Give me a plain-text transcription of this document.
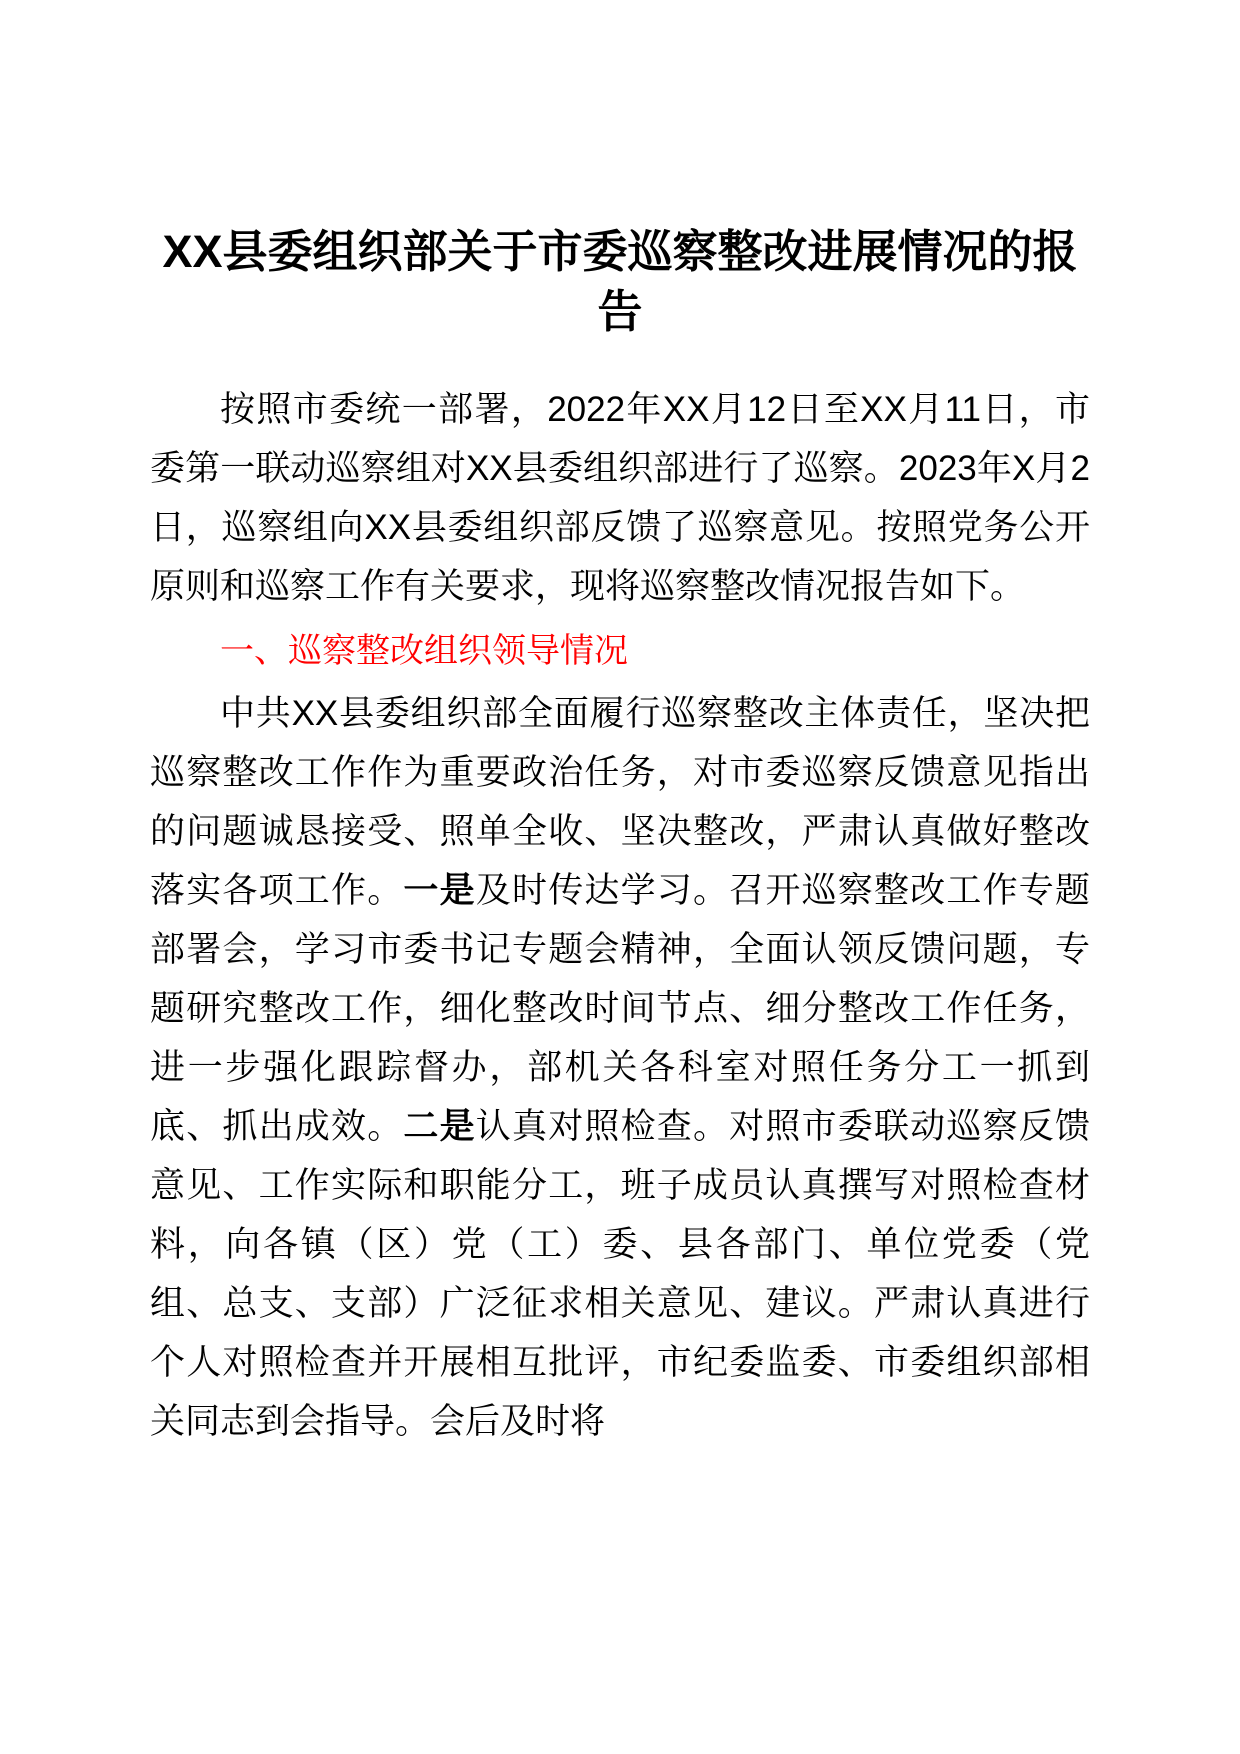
XX县委组织部关于市委巡察整改进展情况的报告

按照市委统一部署，2022年XX月12日至XX月11日，市委第一联动巡察组对XX县委组织部进行了巡察。2023年X月2日，巡察组向XX县委组织部反馈了巡察意见。按照党务公开原则和巡察工作有关要求，现将巡察整改情况报告如下。

一、巡察整改组织领导情况

中共XX县委组织部全面履行巡察整改主体责任，坚决把巡察整改工作作为重要政治任务，对市委巡察反馈意见指出的问题诚恳接受、照单全收、坚决整改，严肃认真做好整改落实各项工作。一是及时传达学习。召开巡察整改工作专题部署会，学习市委书记专题会精神，全面认领反馈问题，专题研究整改工作，细化整改时间节点、细分整改工作任务，进一步强化跟踪督办，部机关各科室对照任务分工一抓到底、抓出成效。二是认真对照检查。对照市委联动巡察反馈意见、工作实际和职能分工，班子成员认真撰写对照检查材料，向各镇（区）党（工）委、县各部门、单位党委（党组、总支、支部）广泛征求相关意见、建议。严肃认真进行个人对照检查并开展相互批评，市纪委监委、市委组织部相关同志到会指导。会后及时将
